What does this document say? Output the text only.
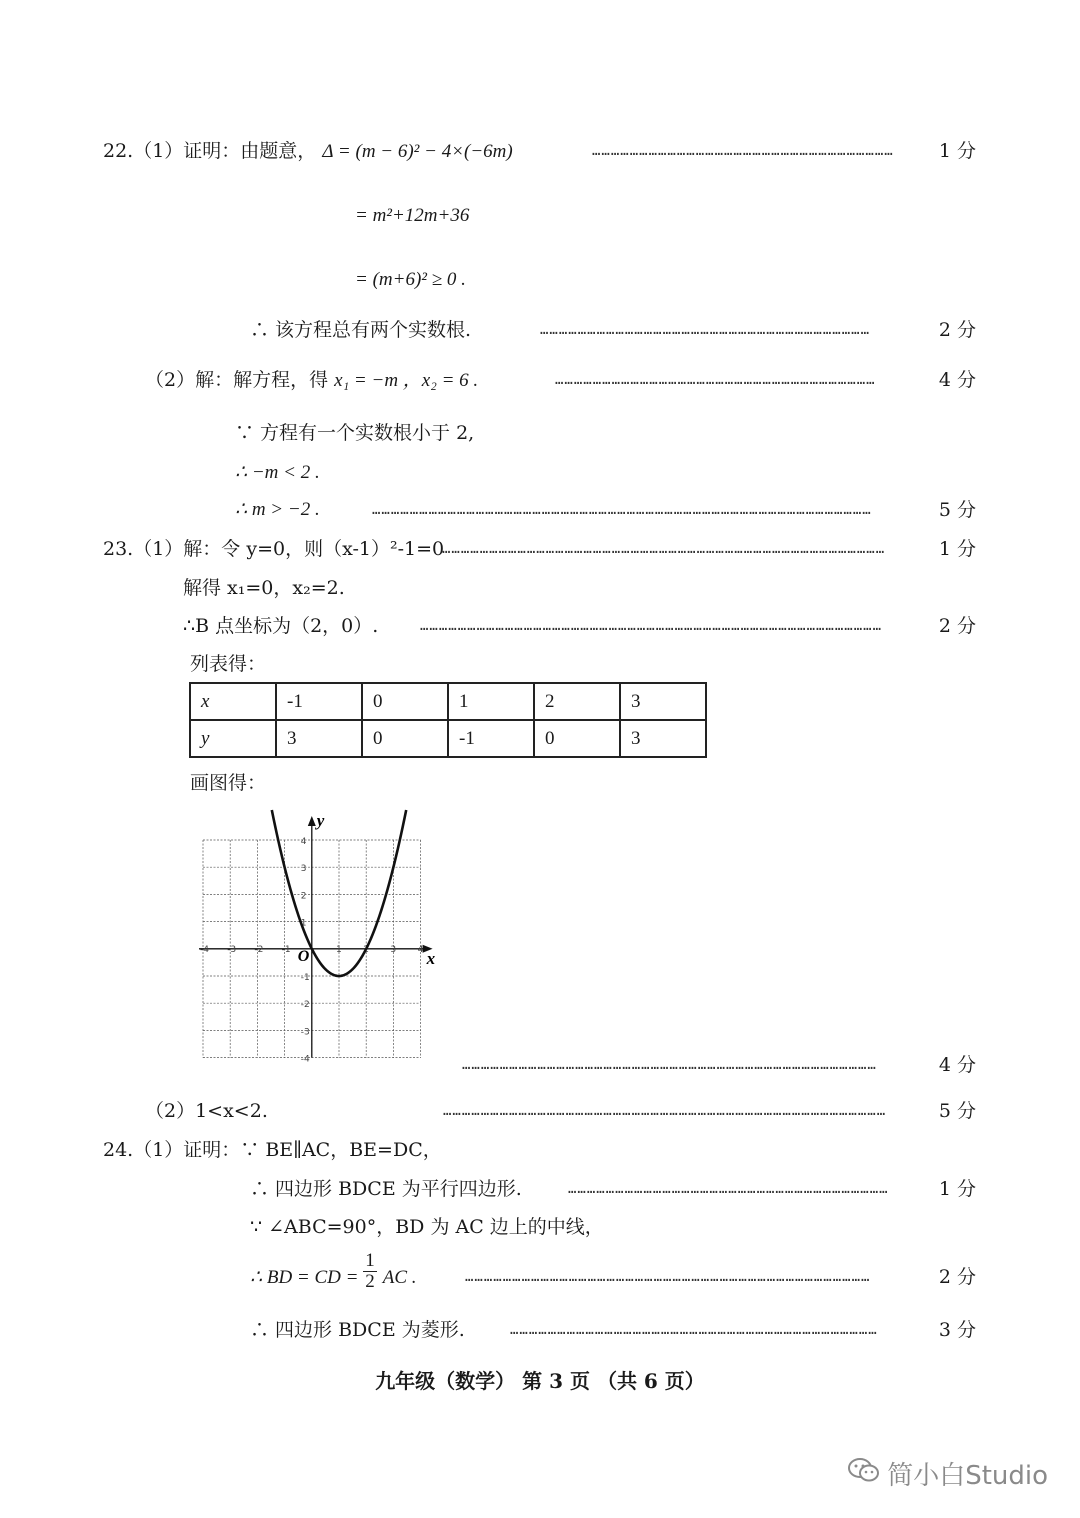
22.（1）证明：由题意， Δ = (m − 6)² − 4×(−6m)	……………………………………………………………………………………	1 分
= m²+12m+36
= (m+6)² ≥ 0 .
∴ 该方程总有两个实数根.	……………………………………………………………………………………………	2 分
（2）解：解方程，得 x₁ = −m ，x₂ = 6 .	…………………………………………………………………………………………	4 分
∵ 方程有一个实数根小于 2,
∴ −m < 2 .
∴ m > −2 .	……………………………………………………………………………………………………………………………………………	5 分
23.（1）解：令 y=0，则（x-1）²-1=0
……………………………………………………………………………………………………………………………	1 分
解得 x₁=0，x₂=2.
∴B 点坐标为（2，0）.	…………………………………………………………………………………………………………………………………	2 分
列表得：
x	-1	0	1	2	3
y	3	0	-1	0	3
画图得：
-4 -3 -2 -1	1 2 3 4
4
3
2
1
-1
-2
-3
-4
x
y
O
……………………………………………………………………………………………………………………	4 分
（2）1<x<2.	……………………………………………………………………………………………………………………………	5 分
24.（1）证明：∵ BE∥AC，BE=DC，
∴ 四边形 BDCE 为平行四边形.	…………………………………………………………………………………………	1 分
∵ ∠ABC=90°，BD 为 AC 边上的中线，
∴ BD = CD = $\frac{1}{2}$ AC .	…………………………………………………………………………………………………………………	2 分
∴ 四边形 BDCE 为菱形.	………………………………………………………………………………………………………	3 分
九年级（数学） 第 3 页 （共 6 页）
简小白Studio
